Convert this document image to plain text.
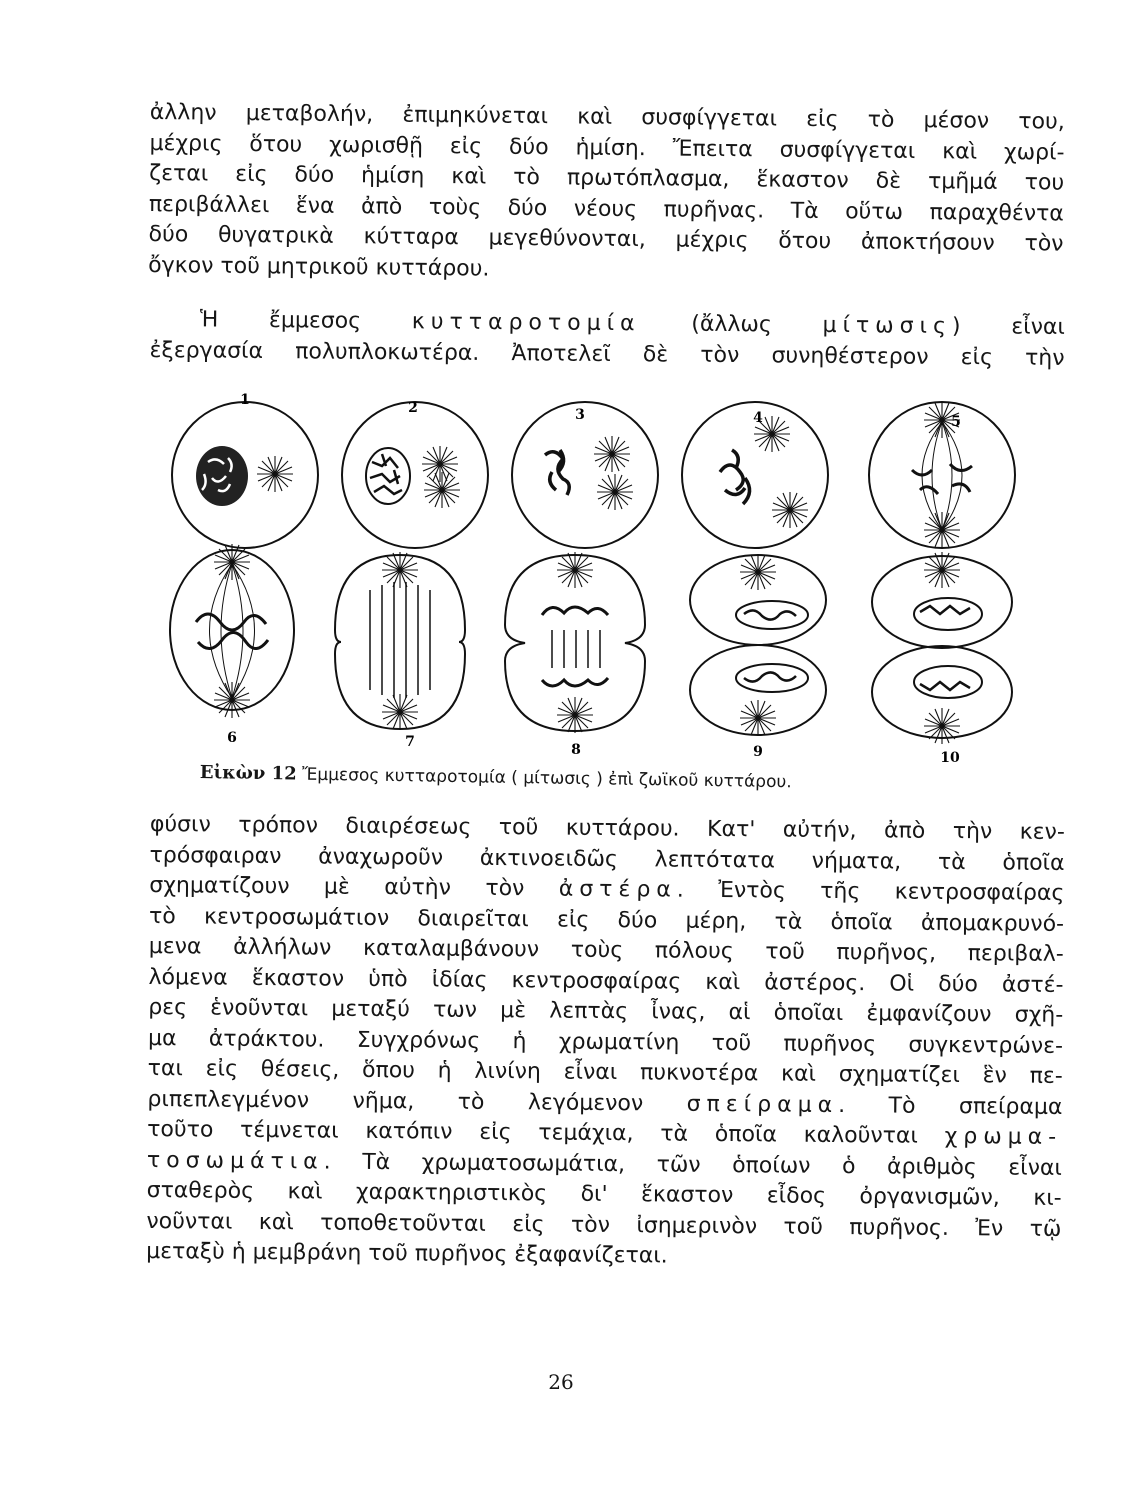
ἀλλην μεταβολήν, ἐπιμηκύνεται καὶ συσφίγγεται εἰς τὸ μέσον του,
μέχρις ὅτου χωρισθῇ εἰς δύο ἡμίση. Ἔπειτα συσφίγγεται καὶ χωρί-
ζεται εἰς δύο ἡμίση καὶ τὸ πρωτόπλασμα, ἕκαστον δὲ τμῆμά του
περιβάλλει ἕνα ἀπὸ τοὺς δύο νέους πυρῆνας. Τὰ οὕτω παραχθέντα
δύο θυγατρικὰ κύτταρα μεγεθύνονται, μέχρις ὅτου ἀποκτήσουν τὸν
ὄγκον τοῦ μητρικοῦ κυττάρου.

Ἡ ἔμμεσος κυτταροτομία (ἄλλως μίτωσις) εἶναι
ἐξεργασία πολυπλοκωτέρα. Ἀποτελεῖ δὲ τὸν συνηθέστερον εἰς τὴν

1	2	3	4	5
6	7	8	9	10
Εἰκὼν 12 Ἔμμεσος κυτταροτομία ( μίτωσις ) ἐπὶ ζωϊκοῦ κυττάρου.

φύσιν τρόπον διαιρέσεως τοῦ κυττάρου. Κατ' αὐτήν, ἀπὸ τὴν κεν-
τρόσφαιραν ἀναχωροῦν ἀκτινοειδῶς λεπτότατα νήματα, τὰ ὁποῖα
σχηματίζουν μὲ αὐτὴν τὸν ἀστέρα. Ἐντὸς τῆς κεντροσφαίρας
τὸ κεντροσωμάτιον διαιρεῖται εἰς δύο μέρη, τὰ ὁποῖα ἀπομακρυνό-
μενα ἀλλήλων καταλαμβάνουν τοὺς πόλους τοῦ πυρῆνος, περιβαλ-
λόμενα ἕκαστον ὑπὸ ἰδίας κεντροσφαίρας καὶ ἀστέρος. Οἱ δύο ἀστέ-
ρες ἑνοῦνται μεταξύ των μὲ λεπτὰς ἶνας, αἱ ὁποῖαι ἐμφανίζουν σχῆ-
μα ἀτράκτου. Συγχρόνως ἡ χρωματίνη τοῦ πυρῆνος συγκεντρώνε-
ται εἰς θέσεις, ὅπου ἡ λινίνη εἶναι πυκνοτέρα καὶ σχηματίζει ἓν πε-
ριπεπλεγμένον νῆμα, τὸ λεγόμενον σπείραμα. Τὸ σπείραμα
τοῦτο τέμνεται κατόπιν εἰς τεμάχια, τὰ ὁποῖα καλοῦνται χρωμα-
τοσωμάτια. Τὰ χρωματοσωμάτια, τῶν ὁποίων ὁ ἀριθμὸς εἶναι
σταθερὸς καὶ χαρακτηριστικὸς δι' ἕκαστον εἶδος ὀργανισμῶν, κι-
νοῦνται καὶ τοποθετοῦνται εἰς τὸν ἰσημερινὸν τοῦ πυρῆνος. Ἐν τῷ
μεταξὺ ἡ μεμβράνη τοῦ πυρῆνος ἐξαφανίζεται.

26
